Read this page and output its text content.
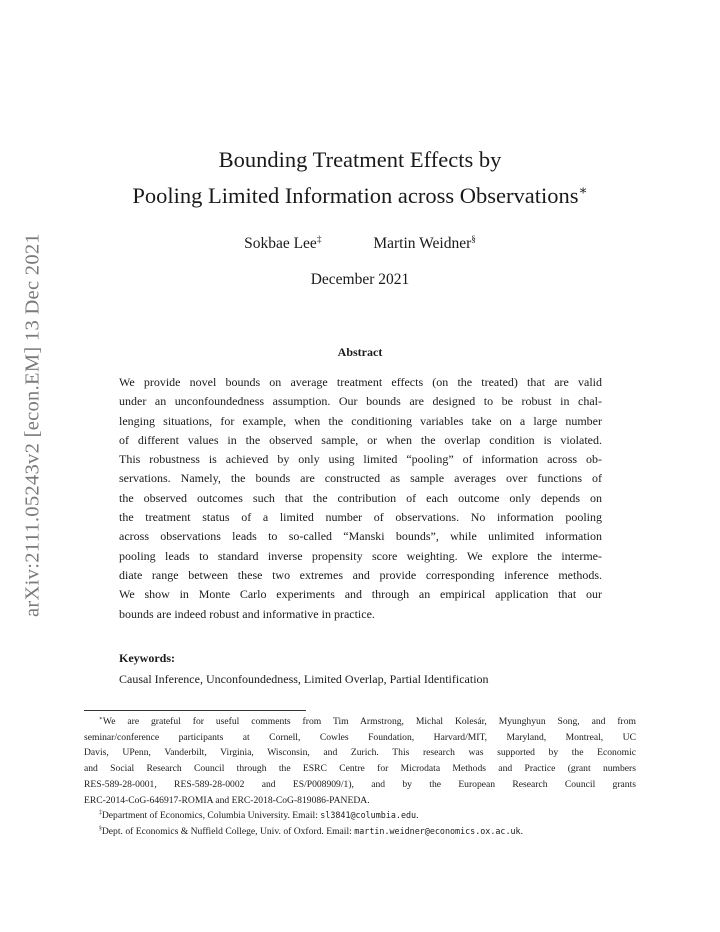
arXiv:2111.05243v2 [econ.EM] 13 Dec 2021
Bounding Treatment Effects by
Pooling Limited Information across Observations∗
Sokbae Lee‡	Martin Weidner§
December 2021
Abstract
We provide novel bounds on average treatment effects (on the treated) that are valid
under an unconfoundedness assumption. Our bounds are designed to be robust in chal-
lenging situations, for example, when the conditioning variables take on a large number
of different values in the observed sample, or when the overlap condition is violated.
This robustness is achieved by only using limited “pooling” of information across ob-
servations. Namely, the bounds are constructed as sample averages over functions of
the observed outcomes such that the contribution of each outcome only depends on
the treatment status of a limited number of observations. No information pooling
across observations leads to so-called “Manski bounds”, while unlimited information
pooling leads to standard inverse propensity score weighting. We explore the interme-
diate range between these two extremes and provide corresponding inference methods.
We show in Monte Carlo experiments and through an empirical application that our
bounds are indeed robust and informative in practice.
Keywords:
Causal Inference, Unconfoundedness, Limited Overlap, Partial Identification
∗We are grateful for useful comments from Tim Armstrong, Michal Kolesár, Myunghyun Song, and from
seminar/conference participants at Cornell, Cowles Foundation, Harvard/MIT, Maryland, Montreal, UC
Davis, UPenn, Vanderbilt, Virginia, Wisconsin, and Zurich. This research was supported by the Economic
and Social Research Council through the ESRC Centre for Microdata Methods and Practice (grant numbers
RES-589-28-0001, RES-589-28-0002 and ES/P008909/1), and by the European Research Council grants
ERC-2014-CoG-646917-ROMIA and ERC-2018-CoG-819086-PANEDA.
‡Department of Economics, Columbia University. Email: sl3841@columbia.edu.
§Dept. of Economics & Nuffield College, Univ. of Oxford. Email: martin.weidner@economics.ox.ac.uk.
